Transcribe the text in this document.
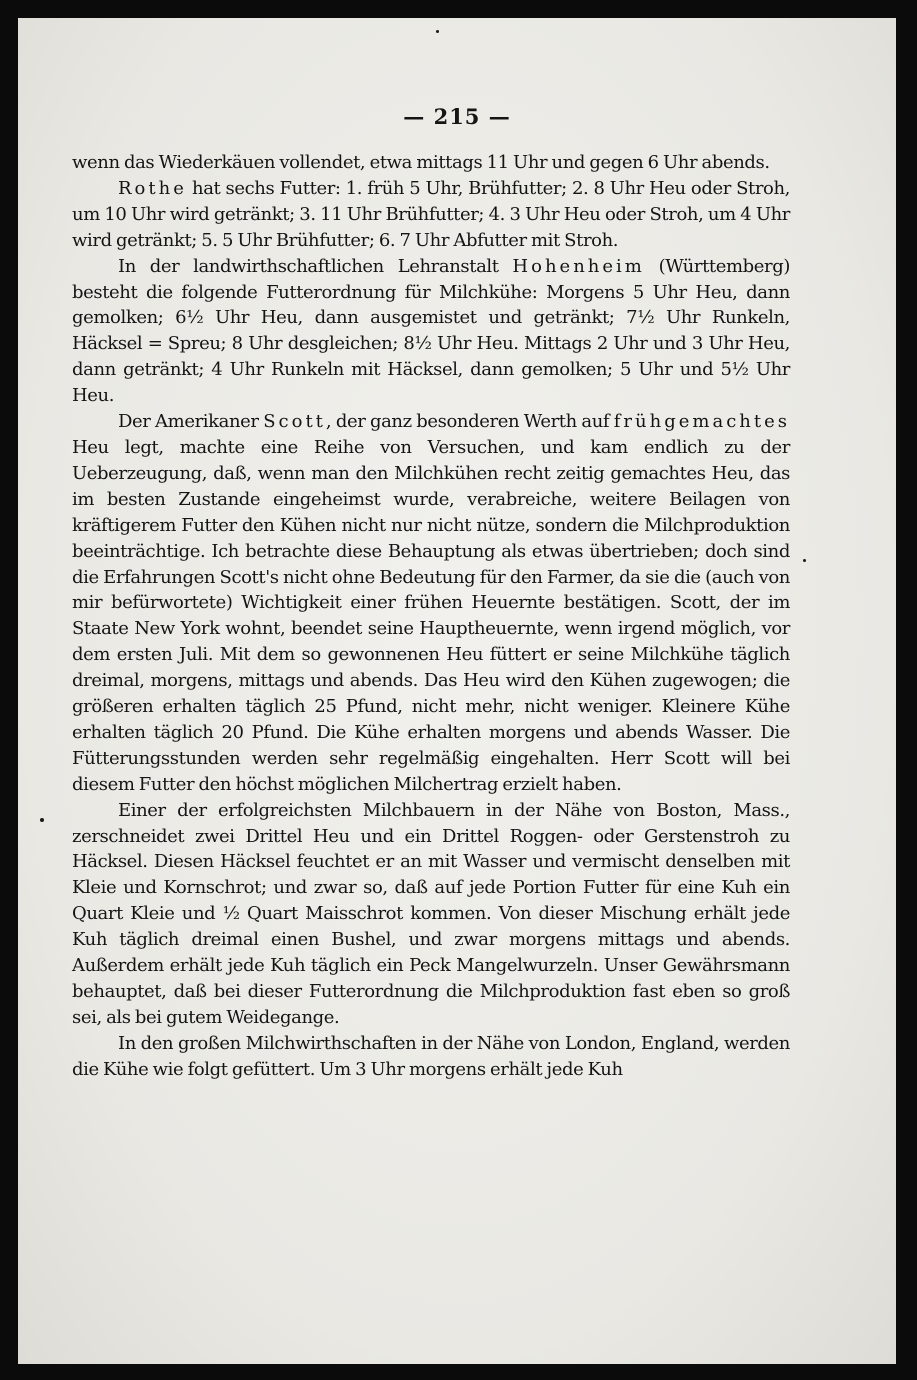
— 215 —

wenn das Wiederkäuen vollendet, etwa mittags 11 Uhr und gegen 6 Uhr abends.

Rothe hat sechs Futter: 1. früh 5 Uhr, Brühfutter; 2. 8 Uhr Heu oder Stroh, um 10 Uhr wird getränkt; 3. 11 Uhr Brühfutter; 4. 3 Uhr Heu oder Stroh, um 4 Uhr wird getränkt; 5. 5 Uhr Brühfutter; 6. 7 Uhr Abfutter mit Stroh.

In der landwirthschaftlichen Lehranstalt Hohenheim (Württemberg) besteht die folgende Futterordnung für Milchkühe: Morgens 5 Uhr Heu, dann gemolken; 6½ Uhr Heu, dann ausgemistet und getränkt; 7½ Uhr Runkeln, Häcksel = Spreu; 8 Uhr desgleichen; 8½ Uhr Heu. Mittags 2 Uhr und 3 Uhr Heu, dann getränkt; 4 Uhr Runkeln mit Häcksel, dann gemolken; 5 Uhr und 5½ Uhr Heu.

Der Amerikaner Scott, der ganz besonderen Werth auf frühgemachtes Heu legt, machte eine Reihe von Versuchen, und kam endlich zu der Ueberzeugung, daß, wenn man den Milchkühen recht zeitig gemachtes Heu, das im besten Zustande eingeheimst wurde, verabreiche, weitere Beilagen von kräftigerem Futter den Kühen nicht nur nicht nütze, sondern die Milchproduktion beeinträchtige. Ich betrachte diese Behauptung als etwas übertrieben; doch sind die Erfahrungen Scott's nicht ohne Bedeutung für den Farmer, da sie die (auch von mir befürwortete) Wichtigkeit einer frühen Heuernte bestätigen. Scott, der im Staate New York wohnt, beendet seine Hauptheuernte, wenn irgend möglich, vor dem ersten Juli. Mit dem so gewonnenen Heu füttert er seine Milchkühe täglich dreimal, morgens, mittags und abends. Das Heu wird den Kühen zugewogen; die größeren erhalten täglich 25 Pfund, nicht mehr, nicht weniger. Kleinere Kühe erhalten täglich 20 Pfund. Die Kühe erhalten morgens und abends Wasser. Die Fütterungsstunden werden sehr regelmäßig eingehalten. Herr Scott will bei diesem Futter den höchst möglichen Milchertrag erzielt haben.

Einer der erfolgreichsten Milchbauern in der Nähe von Boston, Mass., zerschneidet zwei Drittel Heu und ein Drittel Roggen- oder Gerstenstroh zu Häcksel. Diesen Häcksel feuchtet er an mit Wasser und vermischt denselben mit Kleie und Kornschrot; und zwar so, daß auf jede Portion Futter für eine Kuh ein Quart Kleie und ½ Quart Maisschrot kommen. Von dieser Mischung erhält jede Kuh täglich dreimal einen Bushel, und zwar morgens mittags und abends. Außerdem erhält jede Kuh täglich ein Peck Mangelwurzeln. Unser Gewährsmann behauptet, daß bei dieser Futterordnung die Milchproduktion fast eben so groß sei, als bei gutem Weidegange.

In den großen Milchwirthschaften in der Nähe von London, England, werden die Kühe wie folgt gefüttert. Um 3 Uhr morgens erhält jede Kuh
